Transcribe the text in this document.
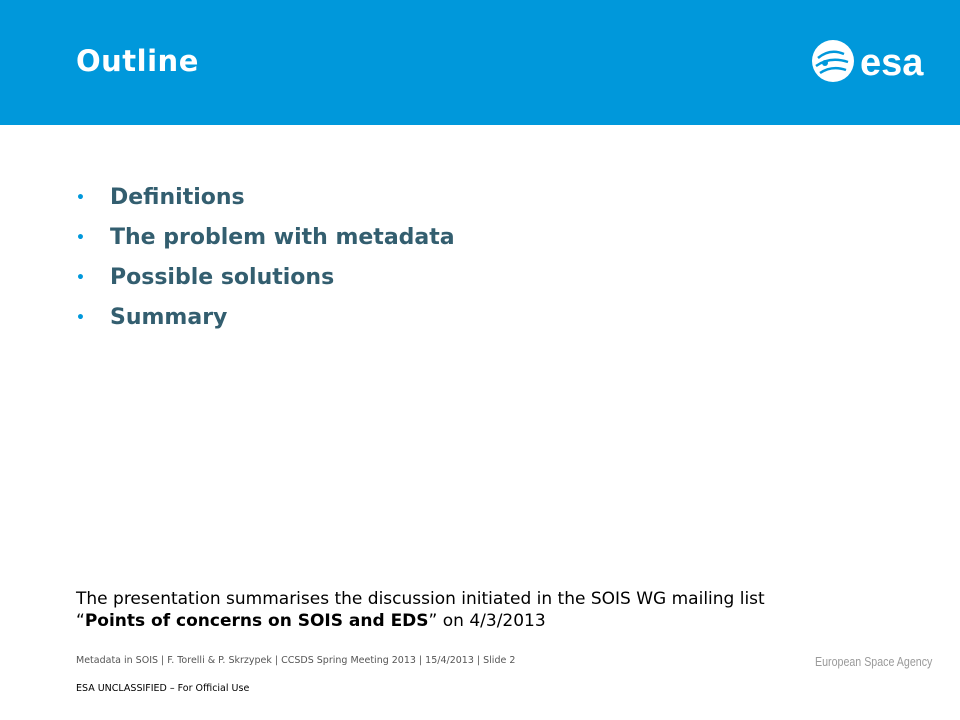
Outline	esa
• Definitions
• The problem with metadata
• Possible solutions
• Summary
The presentation summarises the discussion initiated in the SOIS WG mailing list
“Points of concerns on SOIS and EDS” on 4/3/2013
Metadata in SOIS | F. Torelli & P. Skrzypek | CCSDS Spring Meeting 2013 | 15/4/2013 | Slide 2	European Space Agency
ESA UNCLASSIFIED – For Official Use
